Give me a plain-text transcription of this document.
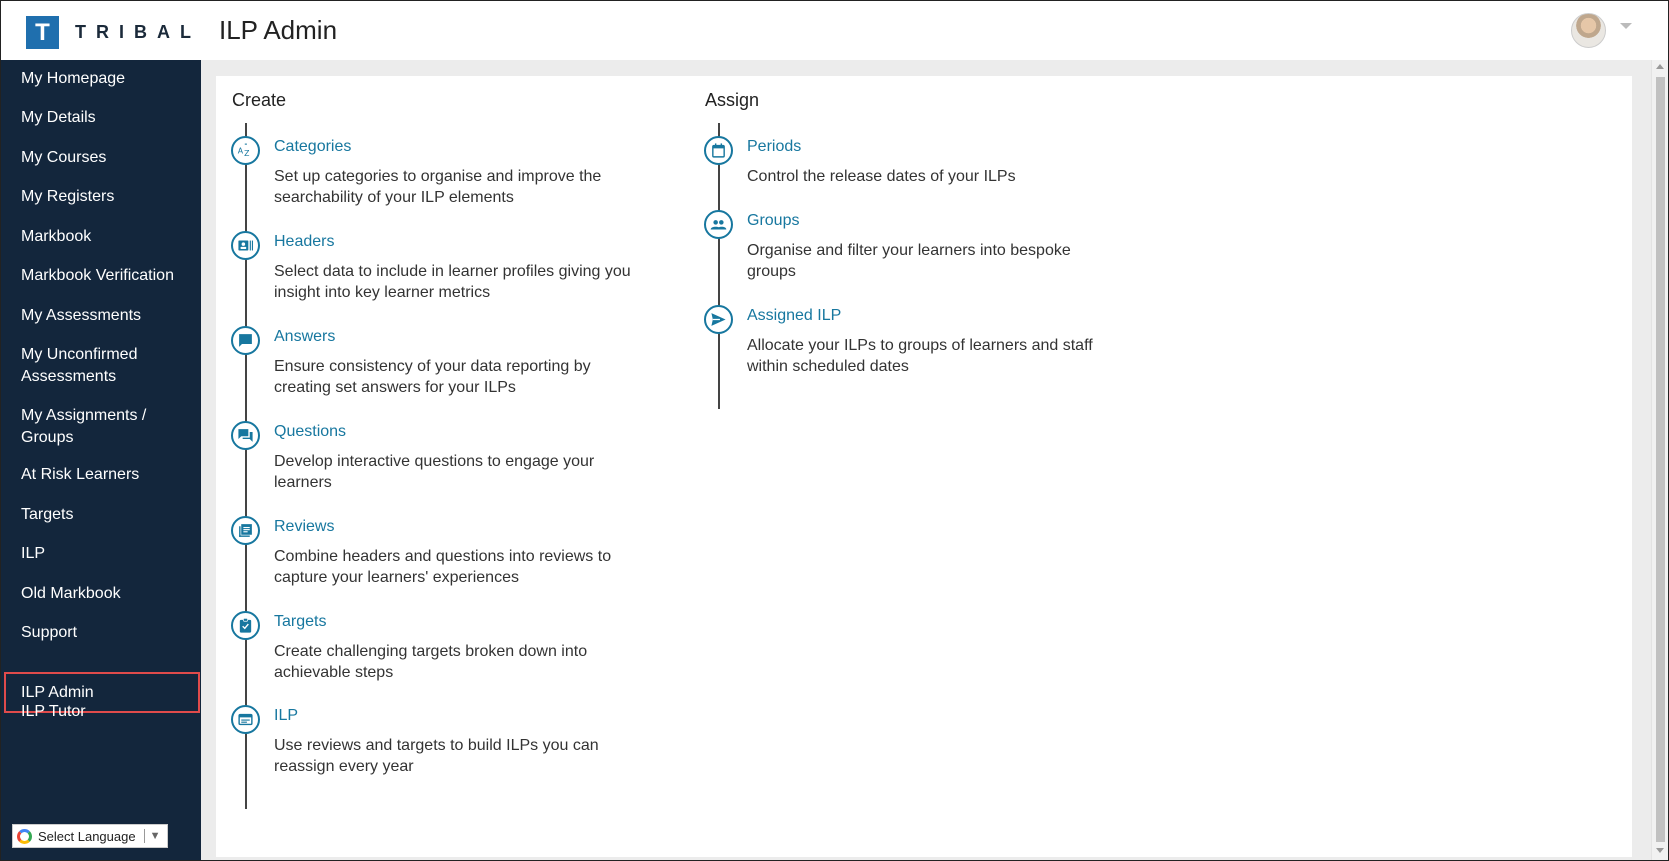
T	TRIBAL ILP Admin
My Homepage
My Details
My Courses
My Registers
Markbook
Markbook Verification
My Assessments
My Unconfirmed Assessments
My Assignments / Groups
At Risk Learners
Targets
ILP
Old Markbook
Support
ILP Admin
ILP Tutor
Select Language ▼
Create
A Z Categories
Set up categories to organise and improve the
searchability of your ILP elements
Headers
Select data to include in learner profiles giving you
insight into key learner metrics
Answers
Ensure consistency of your data reporting by
creating set answers for your ILPs
Questions
Develop interactive questions to engage your
learners
Reviews
Combine headers and questions into reviews to
capture your learners' experiences
Targets
Create challenging targets broken down into
achievable steps
ILP
Use reviews and targets to build ILPs you can
reassign every year
Assign
Periods
Control the release dates of your ILPs
Groups
Organise and filter your learners into bespoke
groups
Assigned ILP
Allocate your ILPs to groups of learners and staff
within scheduled dates
